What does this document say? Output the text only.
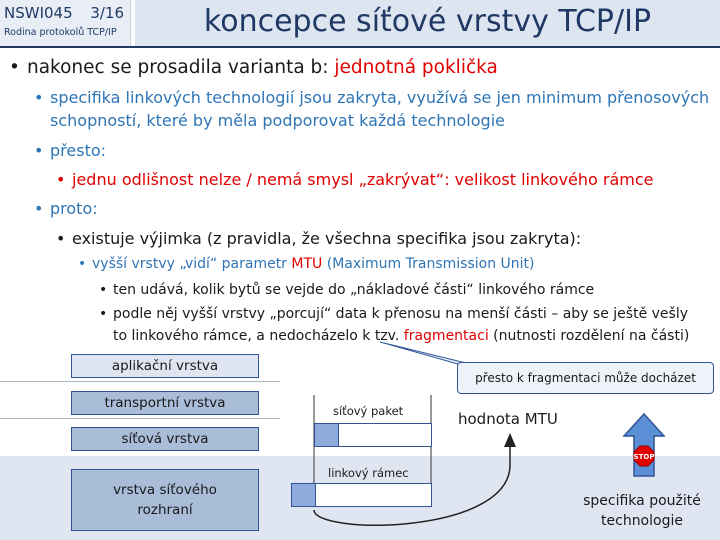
NSWI045 3/16
Rodina protokolů TCP/IP	koncepce síťové vrstvy TCP/IP
• nakonec se prosadila varianta b: jednotná poklička
• specifika linkových technologií jsou zakryta, využívá se jen minimum přenosových
schopností, které by měla podporovat každá technologie
• přesto:
• jednu odlišnost nelze / nemá smysl „zakrývat“: velikost linkového rámce
• proto:
• existuje výjimka (z pravidla, že všechna specifika jsou zakryta):
• vyšší vrstvy „vidí“ parametr MTU (Maximum Transmission Unit)
• ten udává, kolik bytů se vejde do „nákladové části“ linkového rámce
• podle něj vyšší vrstvy „porcují“ data k přenosu na menší části – aby se ještě vešly
to linkového rámce, a nedocházelo k tzv. fragmentaci (nutnosti rozdělení na části)
aplikační vrstva
transportní vrstva
síťová vrstva
vrstva síťového
rozhraní
přesto k fragmentaci může docházet
síťový paket
linkový rámec
hodnota MTU
STOP
specifika použité
technologie
